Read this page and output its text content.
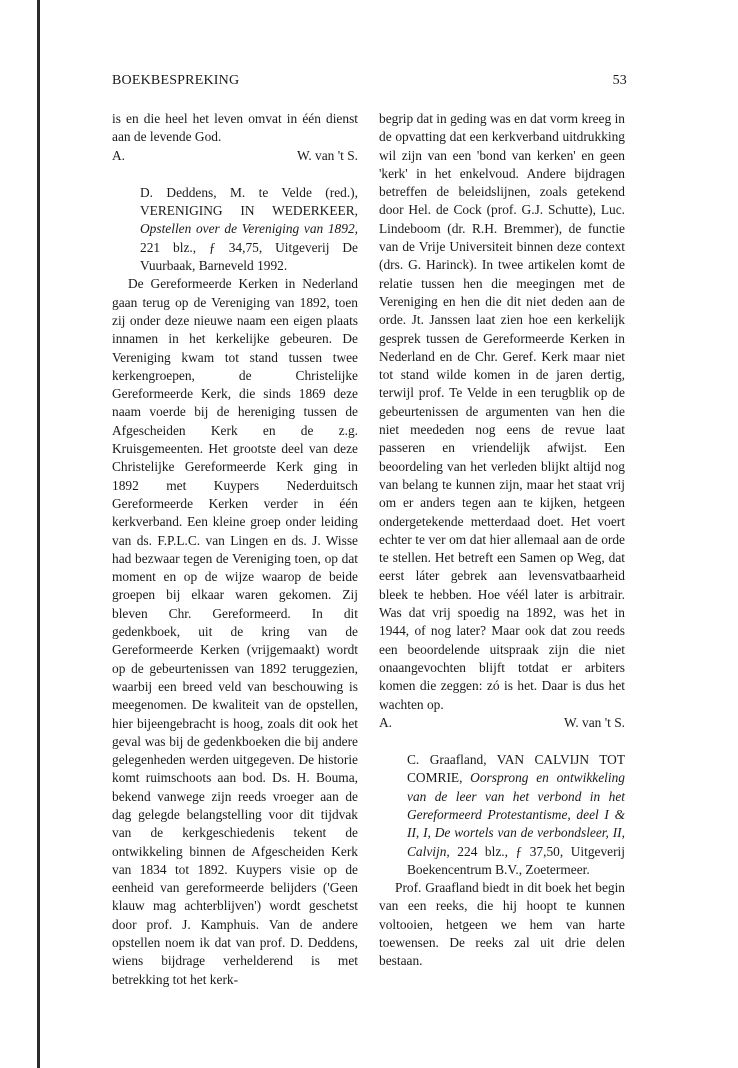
BOEKBESPREKING	53

is en die heel het leven omvat in één dienst aan de levende God.

A.	W. van 't S.

D. Deddens, M. te Velde (red.), VERENIGING IN WEDERKEER, Opstellen over de Vereniging van 1892, 221 blz., ƒ 34,75, Uitgeverij De Vuurbaak, Barneveld 1992.

De Gereformeerde Kerken in Nederland gaan terug op de Vereniging van 1892, toen zij onder deze nieuwe naam een eigen plaats innamen in het kerkelijke gebeuren. De Vereniging kwam tot stand tussen twee kerkengroepen, de Christelijke Gereformeerde Kerk, die sinds 1869 deze naam voerde bij de hereniging tussen de Afgescheiden Kerk en de z.g. Kruisgemeenten. Het grootste deel van deze Christelijke Gereformeerde Kerk ging in 1892 met Kuypers Nederduitsch Gereformeerde Kerken verder in één kerkverband. Een kleine groep onder leiding van ds. F.P.L.C. van Lingen en ds. J. Wisse had bezwaar tegen de Vereniging toen, op dat moment en op de wijze waarop de beide groepen bij elkaar waren gekomen. Zij bleven Chr. Gereformeerd. In dit gedenkboek, uit de kring van de Gereformeerde Kerken (vrijgemaakt) wordt op de gebeurtenissen van 1892 teruggezien, waarbij een breed veld van beschouwing is meegenomen. De kwaliteit van de opstellen, hier bijeengebracht is hoog, zoals dit ook het geval was bij de gedenkboeken die bij andere gelegenheden werden uitgegeven. De historie komt ruimschoots aan bod. Ds. H. Bouma, bekend vanwege zijn reeds vroeger aan de dag gelegde belangstelling voor dit tijdvak van de kerkgeschiedenis tekent de ontwikkeling binnen de Afgescheiden Kerk van 1834 tot 1892. Kuypers visie op de eenheid van gereformeerde belijders ('Geen klauw mag achterblijven') wordt geschetst door prof. J. Kamphuis. Van de andere opstellen noem ik dat van prof. D. Deddens, wiens bijdrage verhelderend is met betrekking tot het kerk-

begrip dat in geding was en dat vorm kreeg in de opvatting dat een kerkverband uitdrukking wil zijn van een 'bond van kerken' en geen 'kerk' in het enkelvoud. Andere bijdragen betreffen de beleidslijnen, zoals getekend door Hel. de Cock (prof. G.J. Schutte), Luc. Lindeboom (dr. R.H. Bremmer), de functie van de Vrije Universiteit binnen deze context (drs. G. Harinck). In twee artikelen komt de relatie tussen hen die meegingen met de Vereniging en hen die dit niet deden aan de orde. Jt. Janssen laat zien hoe een kerkelijk gesprek tussen de Gereformeerde Kerken in Nederland en de Chr. Geref. Kerk maar niet tot stand wilde komen in de jaren dertig, terwijl prof. Te Velde in een terugblik op de gebeurtenissen de argumenten van hen die niet meededen nog eens de revue laat passeren en vriendelijk afwijst. Een beoordeling van het verleden blijkt altijd nog van belang te kunnen zijn, maar het staat vrij om er anders tegen aan te kijken, hetgeen ondergetekende metterdaad doet. Het voert echter te ver om dat hier allemaal aan de orde te stellen. Het betreft een Samen op Weg, dat eerst láter gebrek aan levensvatbaarheid bleek te hebben. Hoe véél later is arbitrair. Was dat vrij spoedig na 1892, was het in 1944, of nog later? Maar ook dat zou reeds een beoordelende uitspraak zijn die niet onaangevochten blijft totdat er arbiters komen die zeggen: zó is het. Daar is dus het wachten op.

A.	W. van 't S.

C. Graafland, VAN CALVIJN TOT COMRIE, Oorsprong en ontwikkeling van de leer van het verbond in het Gereformeerd Protestantisme, deel I & II, I, De wortels van de verbondsleer, II, Calvijn, 224 blz., ƒ 37,50, Uitgeverij Boekencentrum B.V., Zoetermeer.

Prof. Graafland biedt in dit boek het begin van een reeks, die hij hoopt te kunnen voltooien, hetgeen we hem van harte toewensen. De reeks zal uit drie delen bestaan.
